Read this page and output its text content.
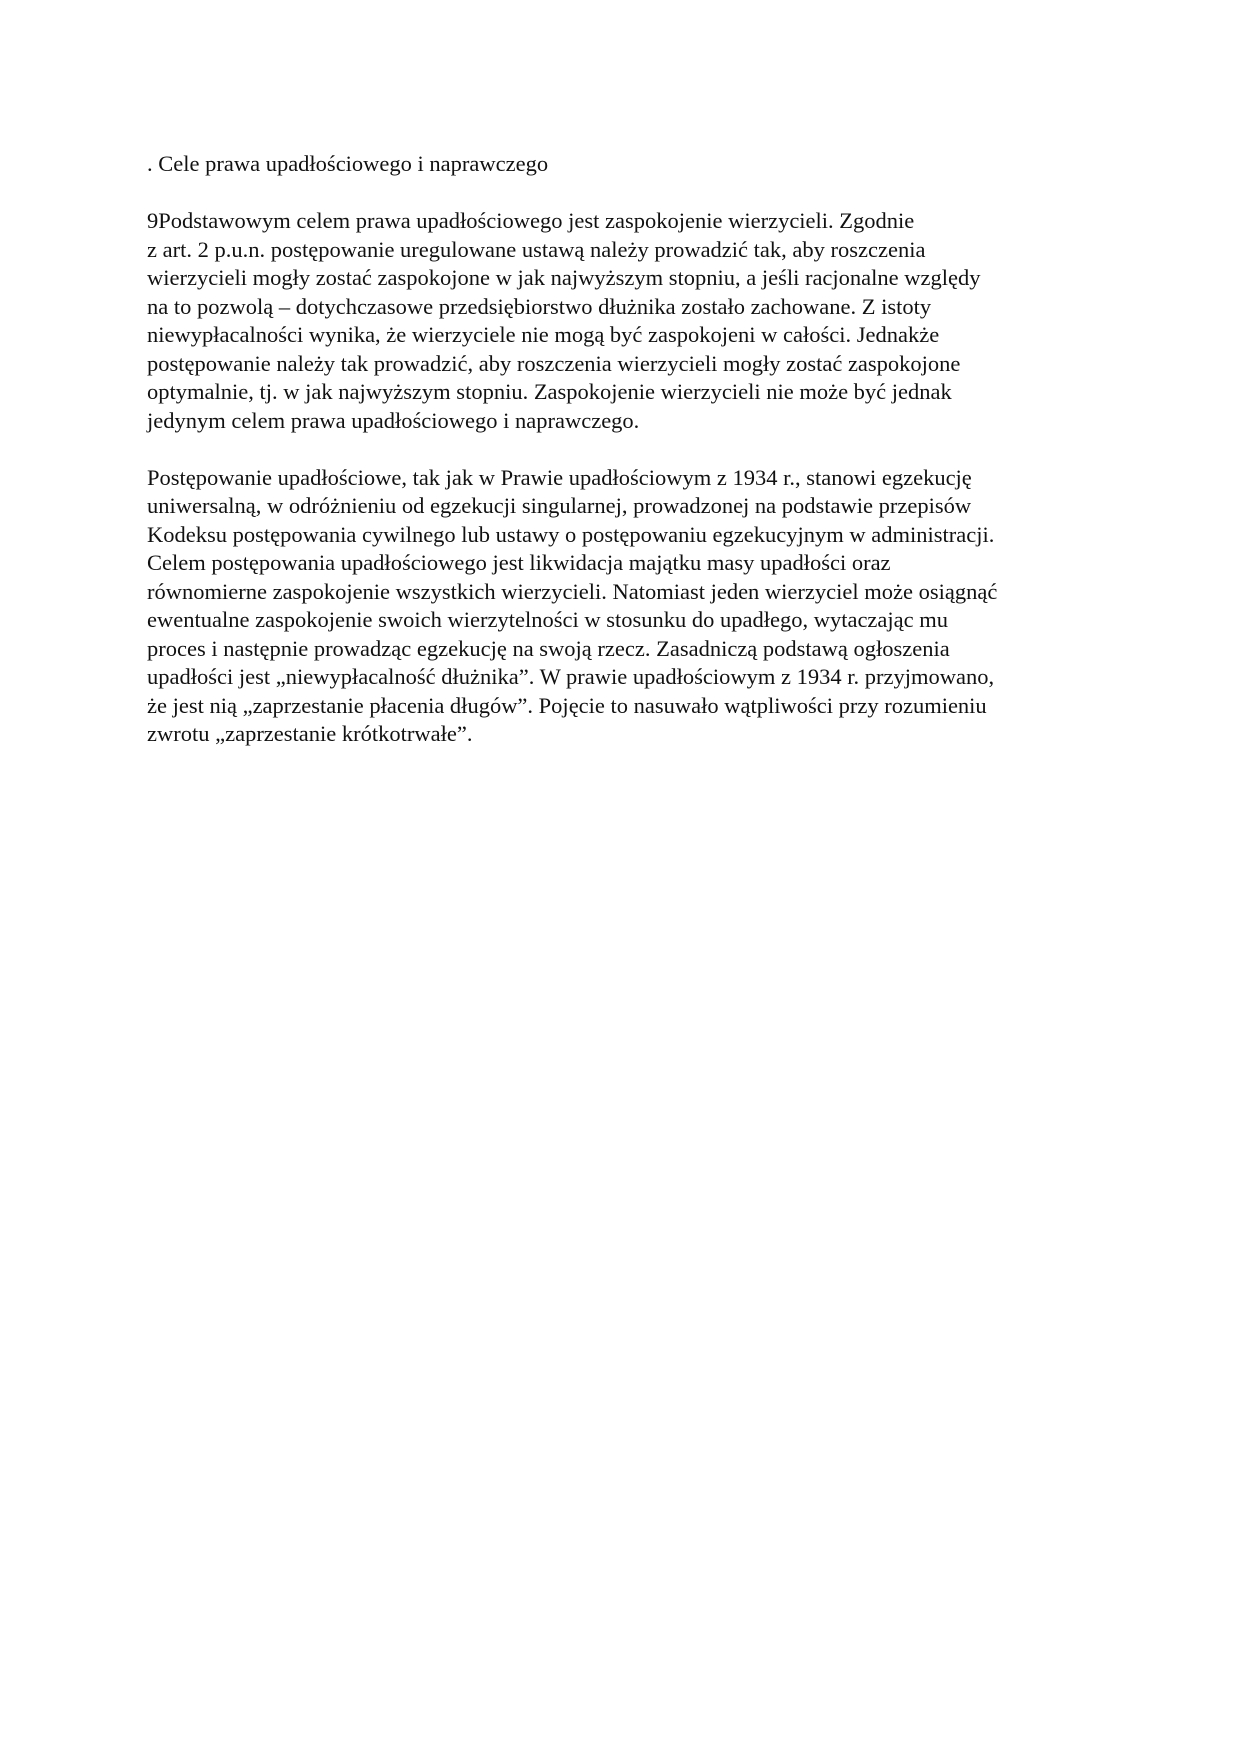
. Cele prawa upadłościowego i naprawczego
9Podstawowym celem prawa upadłościowego jest zaspokojenie wierzycieli. Zgodnie
z art. 2 p.u.n. postępowanie uregulowane ustawą należy prowadzić tak, aby roszczenia
wierzycieli mogły zostać zaspokojone w jak najwyższym stopniu, a jeśli racjonalne względy
na to pozwolą – dotychczasowe przedsiębiorstwo dłużnika zostało zachowane. Z istoty
niewypłacalności wynika, że wierzyciele nie mogą być zaspokojeni w całości. Jednakże
postępowanie należy tak prowadzić, aby roszczenia wierzycieli mogły zostać zaspokojone
optymalnie, tj. w jak najwyższym stopniu. Zaspokojenie wierzycieli nie może być jednak
jedynym celem prawa upadłościowego i naprawczego.
Postępowanie upadłościowe, tak jak w Prawie upadłościowym z 1934 r., stanowi egzekucję
uniwersalną, w odróżnieniu od egzekucji singularnej, prowadzonej na podstawie przepisów
Kodeksu postępowania cywilnego lub ustawy o postępowaniu egzekucyjnym w administracji.
Celem postępowania upadłościowego jest likwidacja majątku masy upadłości oraz
równomierne zaspokojenie wszystkich wierzycieli. Natomiast jeden wierzyciel może osiągnąć
ewentualne zaspokojenie swoich wierzytelności w stosunku do upadłego, wytaczając mu
proces i następnie prowadząc egzekucję na swoją rzecz. Zasadniczą podstawą ogłoszenia
upadłości jest „niewypłacalność dłużnika”. W prawie upadłościowym z 1934 r. przyjmowano,
że jest nią „zaprzestanie płacenia długów”. Pojęcie to nasuwało wątpliwości przy rozumieniu
zwrotu „zaprzestanie krótkotrwałe”.
